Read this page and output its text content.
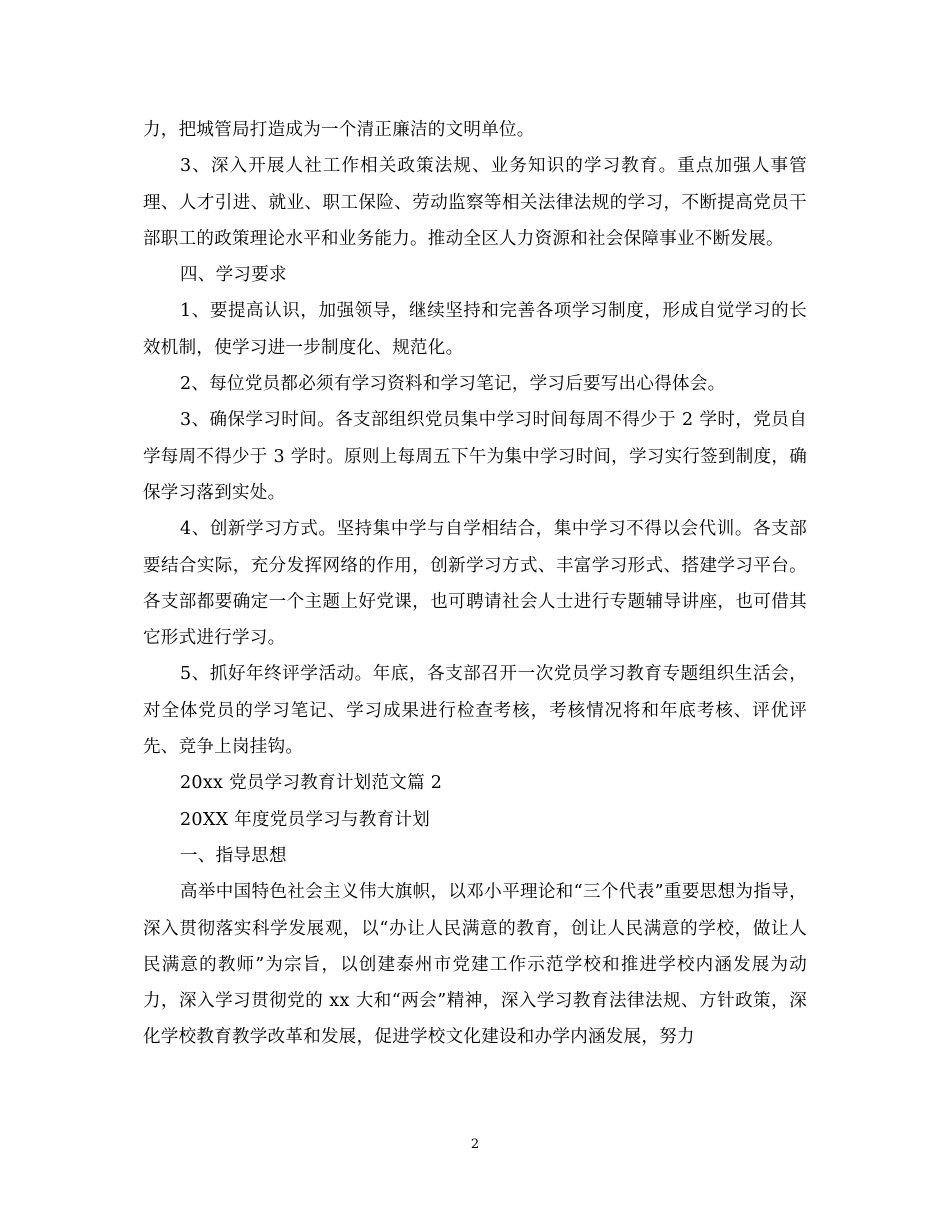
力，把城管局打造成为一个清正廉洁的文明单位。

3、深入开展人社工作相关政策法规、业务知识的学习教育。重点加强人事管理、人才引进、就业、职工保险、劳动监察等相关法律法规的学习，不断提高党员干部职工的政策理论水平和业务能力。推动全区人力资源和社会保障事业不断发展。

四、学习要求

1、要提高认识，加强领导，继续坚持和完善各项学习制度，形成自觉学习的长效机制，使学习进一步制度化、规范化。

2、每位党员都必须有学习资料和学习笔记，学习后要写出心得体会。

3、确保学习时间。各支部组织党员集中学习时间每周不得少于 2 学时，党员自学每周不得少于 3 学时。原则上每周五下午为集中学习时间，学习实行签到制度，确保学习落到实处。

4、创新学习方式。坚持集中学与自学相结合，集中学习不得以会代训。各支部要结合实际，充分发挥网络的作用，创新学习方式、丰富学习形式、搭建学习平台。各支部都要确定一个主题上好党课，也可聘请社会人士进行专题辅导讲座，也可借其它形式进行学习。

5、抓好年终评学活动。年底，各支部召开一次党员学习教育专题组织生活会，对全体党员的学习笔记、学习成果进行检查考核，考核情况将和年底考核、评优评先、竞争上岗挂钩。

20xx 党员学习教育计划范文篇 2

20XX 年度党员学习与教育计划

一、指导思想

高举中国特色社会主义伟大旗帜，以邓小平理论和“三个代表”重要思想为指导，深入贯彻落实科学发展观，以“办让人民满意的教育，创让人民满意的学校，做让人民满意的教师”为宗旨，以创建泰州市党建工作示范学校和推进学校内涵发展为动力，深入学习贯彻党的 xx 大和“两会”精神，深入学习教育法律法规、方针政策，深化学校教育教学改革和发展，促进学校文化建设和办学内涵发展，努力

2
